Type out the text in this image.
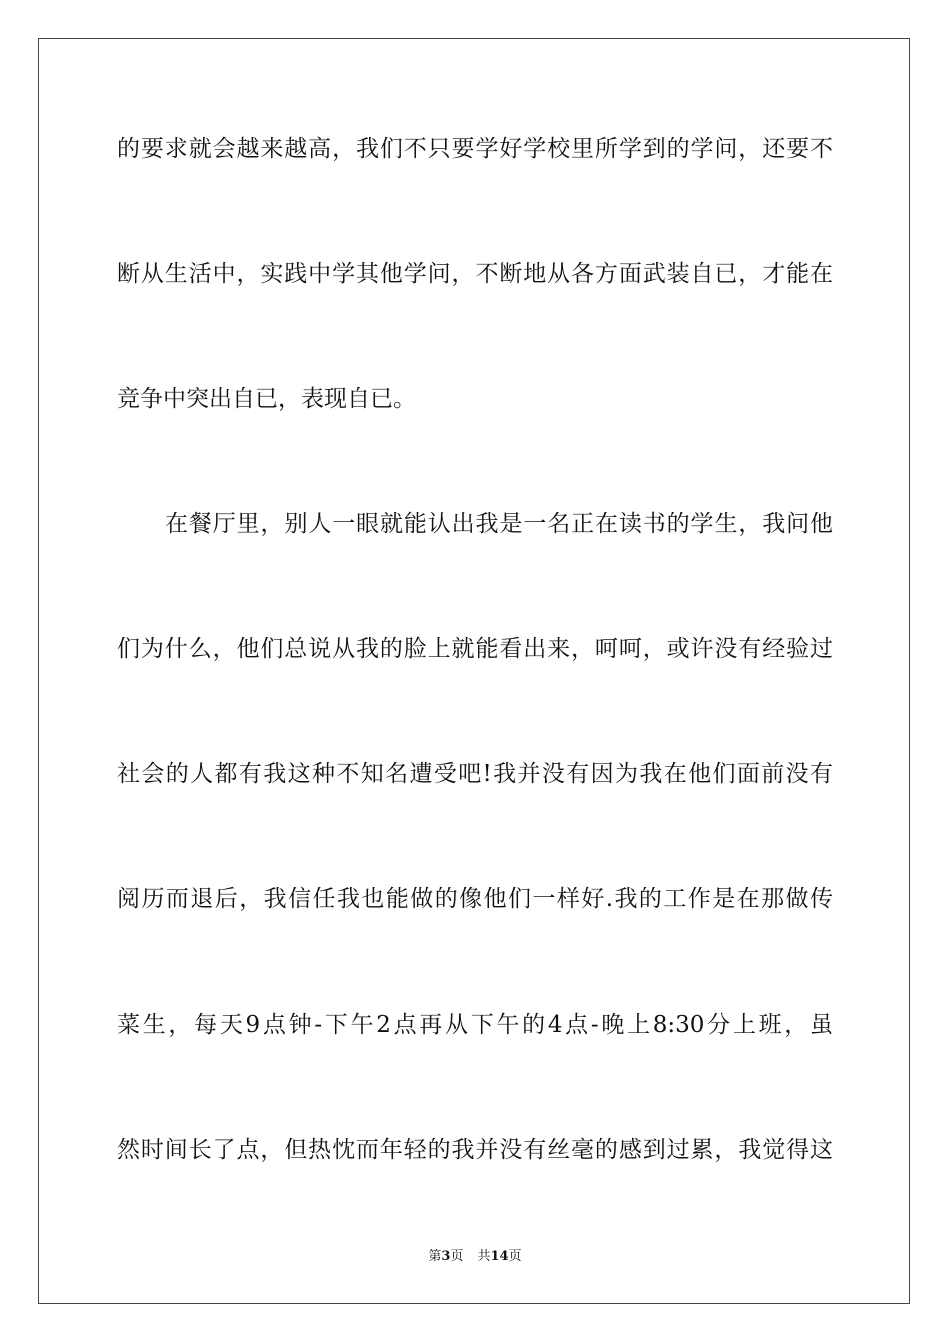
的要求就会越来越高，我们不只要学好学校里所学到的学问，还要不
断从生活中，实践中学其他学问，不断地从各方面武装自已，才能在
竞争中突出自已，表现自已。
在餐厅里，别人一眼就能认出我是一名正在读书的学生，我问他
们为什么，他们总说从我的脸上就能看出来，呵呵，或许没有经验过
社会的人都有我这种不知名遭受吧!我并没有因为我在他们面前没有
阅历而退后，我信任我也能做的像他们一样好.我的工作是在那做传
菜生，每天9点钟-下午2点再从下午的4点-晚上8:30分上班，虽
然时间长了点，但热忱而年轻的我并没有丝毫的感到过累，我觉得这
第3页 共14页
